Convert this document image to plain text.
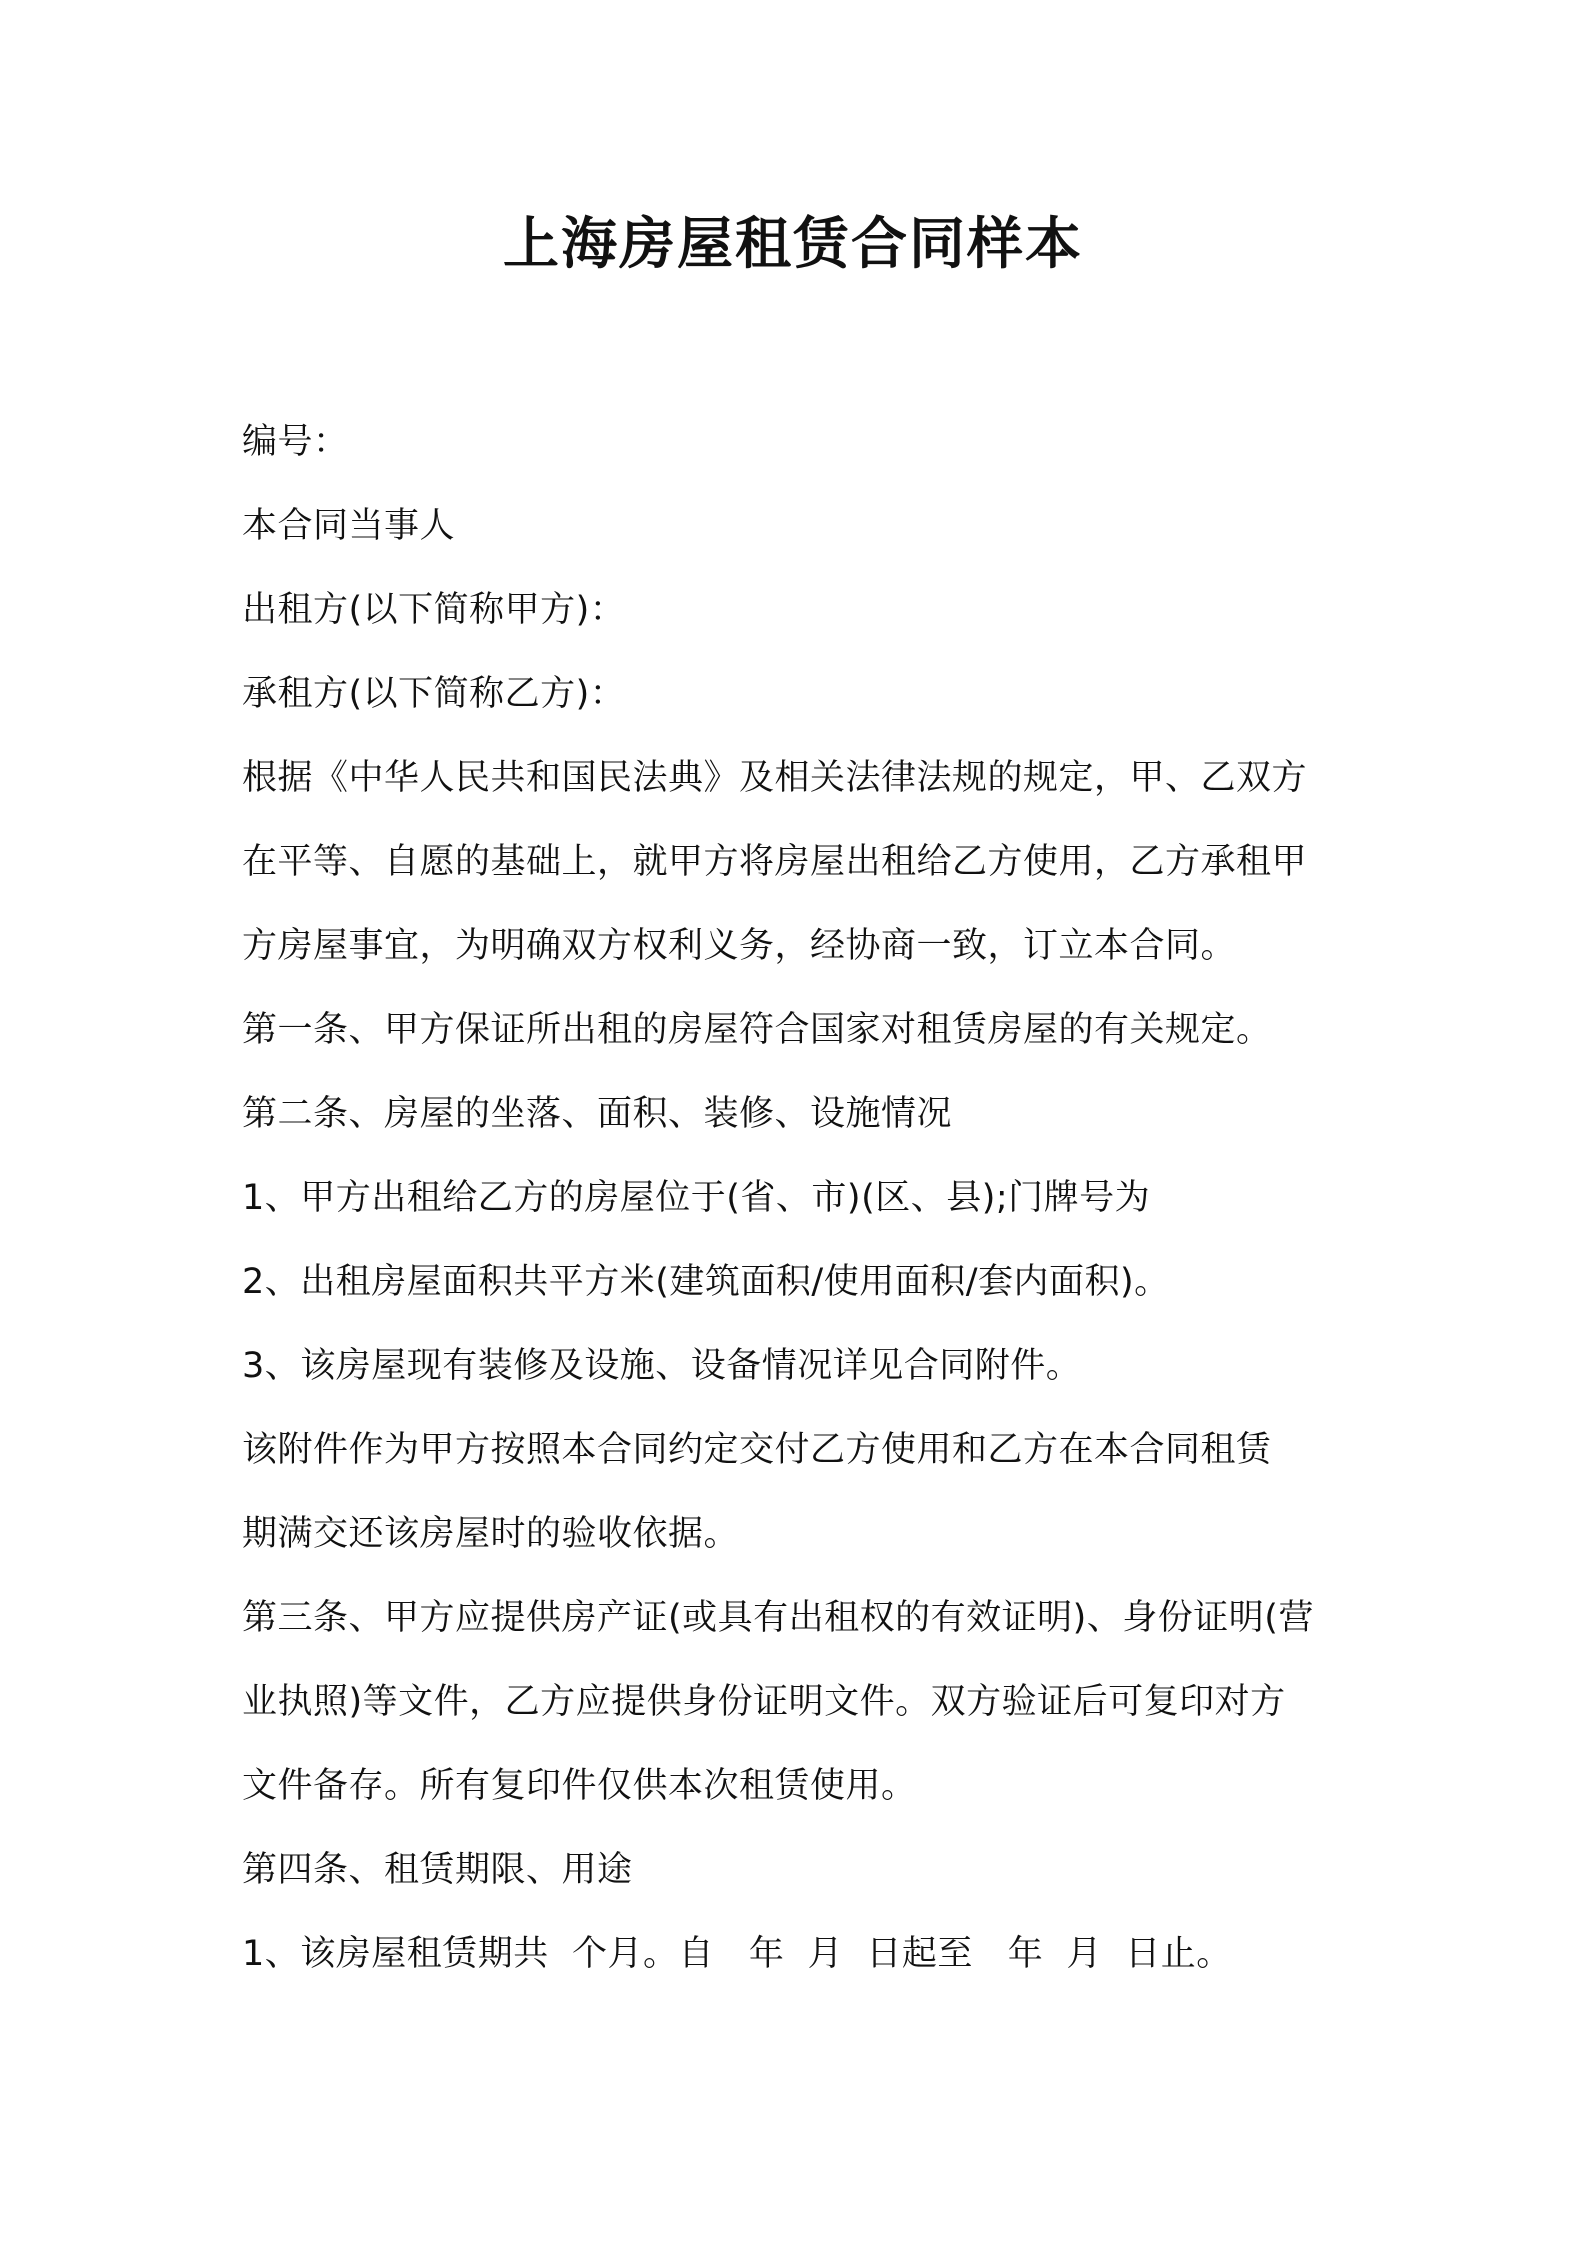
上海房屋租赁合同样本
编号：
本合同当事人
出租方(以下简称甲方)：
承租方(以下简称乙方)：
根据《中华人民共和国民法典》及相关法律法规的规定，甲、乙双方
在平等、自愿的基础上，就甲方将房屋出租给乙方使用，乙方承租甲
方房屋事宜，为明确双方权利义务，经协商一致，订立本合同。
第一条、甲方保证所出租的房屋符合国家对租赁房屋的有关规定。
第二条、房屋的坐落、面积、装修、设施情况
1、甲方出租给乙方的房屋位于(省、市)(区、县);门牌号为
2、出租房屋面积共平方米(建筑面积/使用面积/套内面积)。
3、该房屋现有装修及设施、设备情况详见合同附件。
该附件作为甲方按照本合同约定交付乙方使用和乙方在本合同租赁
期满交还该房屋时的验收依据。
第三条、甲方应提供房产证(或具有出租权的有效证明)、身份证明(营
业执照)等文件，乙方应提供身份证明文件。双方验证后可复印对方
文件备存。所有复印件仅供本次租赁使用。
第四条、租赁期限、用途
1、该房屋租赁期共  个月。自   年  月  日起至   年  月  日止。
